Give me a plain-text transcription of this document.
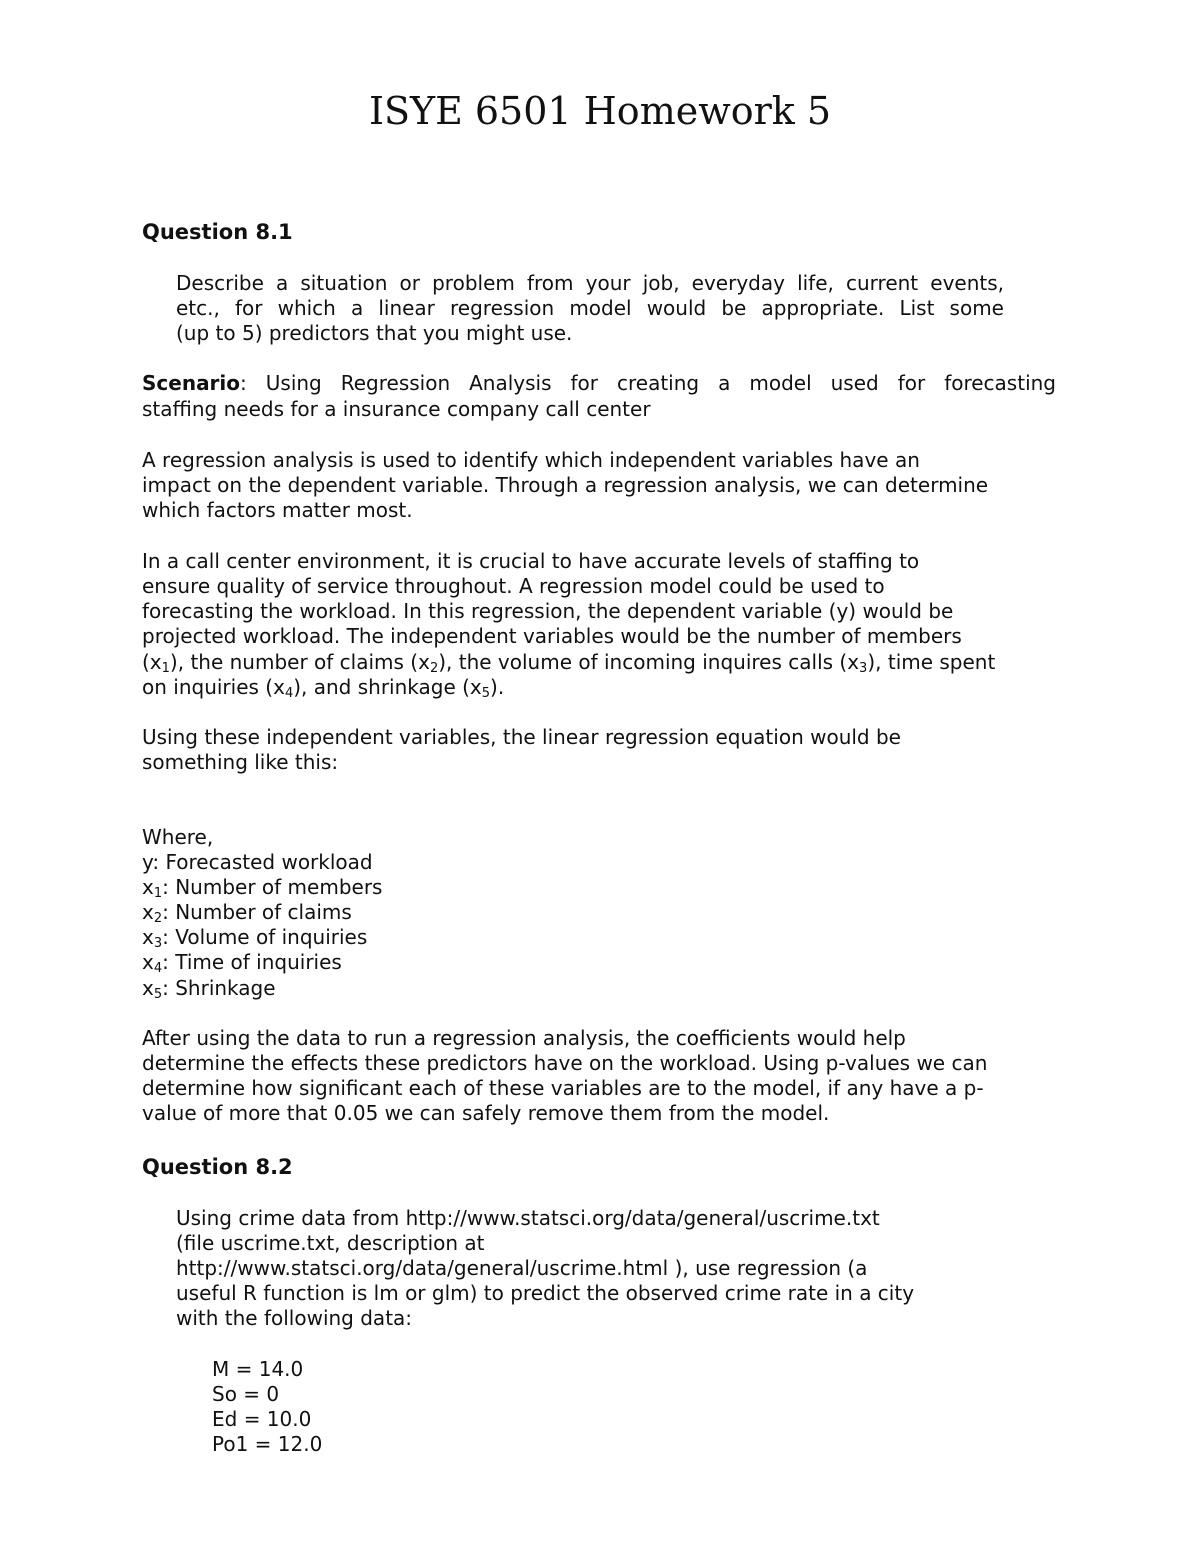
ISYE 6501 Homework 5
Question 8.1
Describe a situation or problem from your job, everyday life, current events,
etc., for which a linear regression model would be appropriate. List some
(up to 5) predictors that you might use.
Scenario: Using Regression Analysis for creating a model used for forecasting
staffing needs for a insurance company call center
A regression analysis is used to identify which independent variables have an
impact on the dependent variable. Through a regression analysis, we can determine
which factors matter most.
In a call center environment, it is crucial to have accurate levels of staffing to
ensure quality of service throughout. A regression model could be used to
forecasting the workload. In this regression, the dependent variable (y) would be
projected workload. The independent variables would be the number of members
$(x_1)$, the number of claims $(x_2)$, the volume of incoming inquires calls $(x_3)$, time spent
on inquiries $(x_4)$, and shrinkage $(x_5)$.
Using these independent variables, the linear regression equation would be
something like this:
Where,
y: Forecasted workload
$x_1$: Number of members
$x_2$: Number of claims
$x_3$: Volume of inquiries
$x_4$: Time of inquiries
$x_5$: Shrinkage
After using the data to run a regression analysis, the coefficients would help
determine the effects these predictors have on the workload. Using p-values we can
determine how significant each of these variables are to the model, if any have a p-
value of more that 0.05 we can safely remove them from the model.
Question 8.2
Using crime data from http://www.statsci.org/data/general/uscrime.txt
(file uscrime.txt, description at
http://www.statsci.org/data/general/uscrime.html ), use regression (a
useful R function is lm or glm) to predict the observed crime rate in a city
with the following data:
M = 14.0
So = 0
Ed = 10.0
Po1 = 12.0
